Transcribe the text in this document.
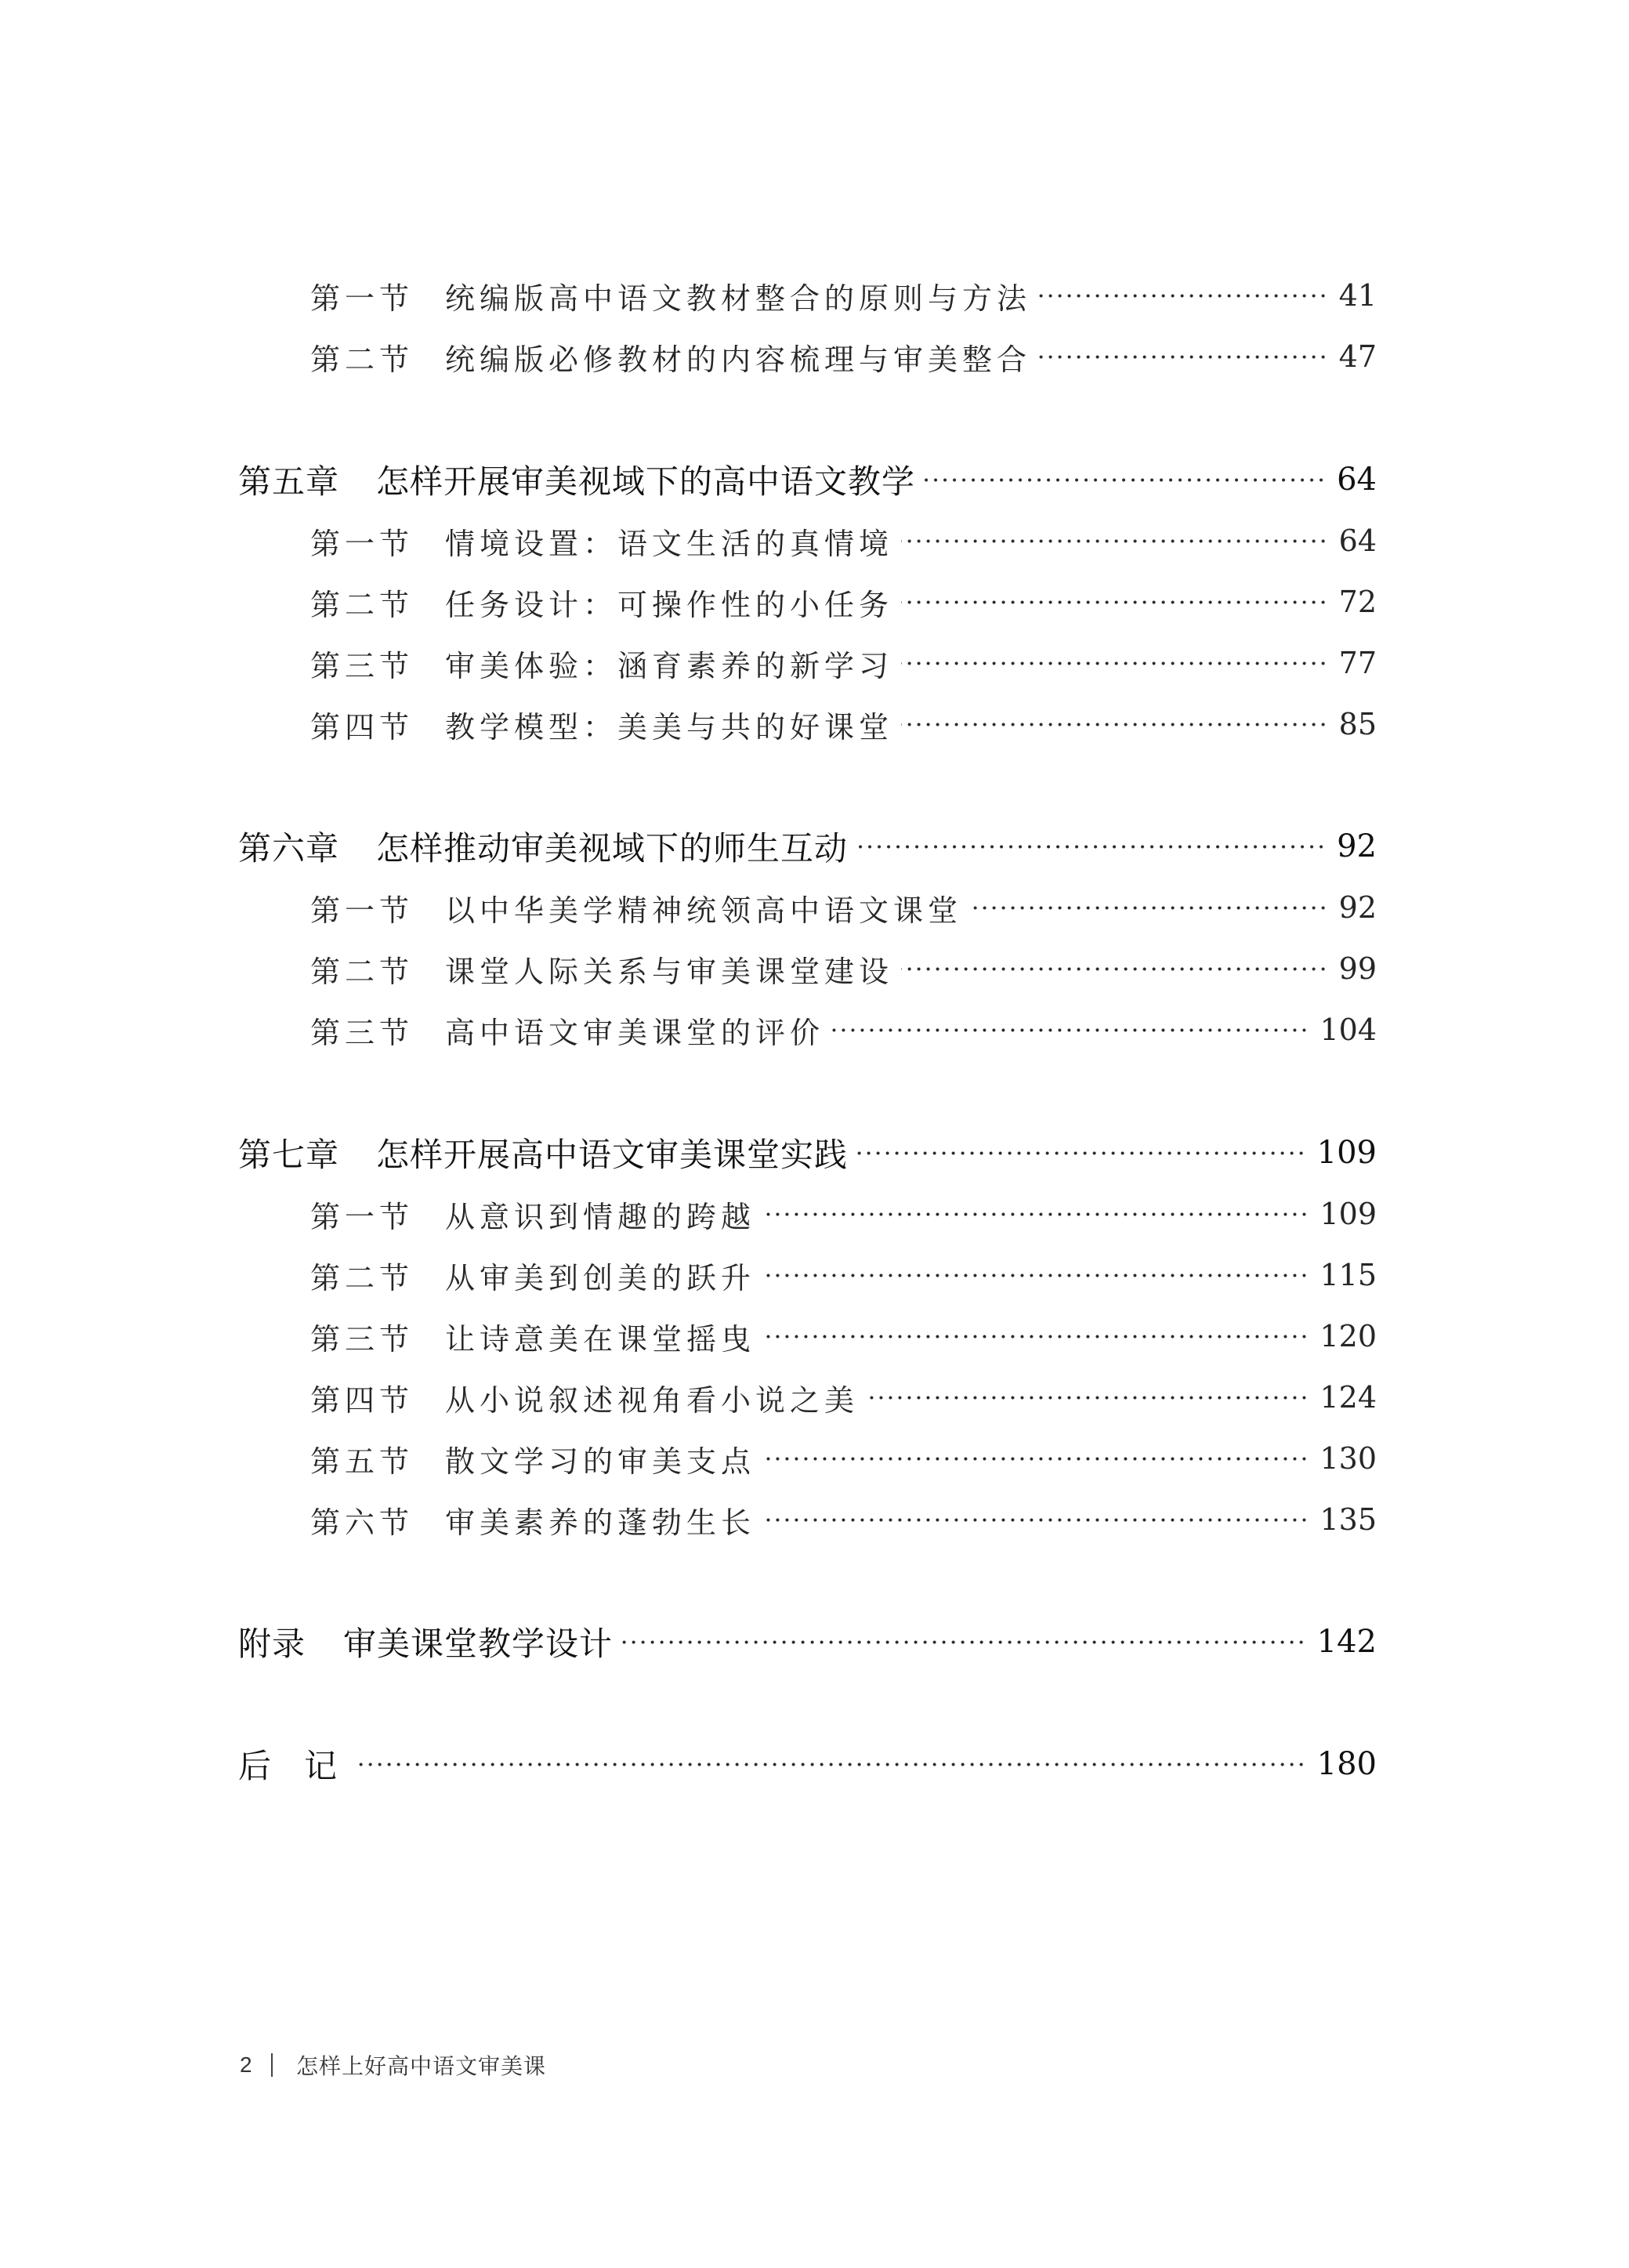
第一节	统编版高中语文教材整合的原则与方法	41
第二节	统编版必修教材的内容梳理与审美整合	47
第五章	怎样开展审美视域下的高中语文教学	64
第一节	情境设置：语文生活的真情境	64
第二节	任务设计：可操作性的小任务	72
第三节	审美体验：涵育素养的新学习	77
第四节	教学模型：美美与共的好课堂	85
第六章	怎样推动审美视域下的师生互动	92
第一节	以中华美学精神统领高中语文课堂	92
第二节	课堂人际关系与审美课堂建设	99
第三节	高中语文审美课堂的评价	104
第七章	怎样开展高中语文审美课堂实践	109
第一节	从意识到情趣的跨越	109
第二节	从审美到创美的跃升	115
第三节	让诗意美在课堂摇曳	120
第四节	从小说叙述视角看小说之美	124
第五节	散文学习的审美支点	130
第六节	审美素养的蓬勃生长	135
附录	审美课堂教学设计	142
后　记	180
2	怎样上好高中语文审美课
